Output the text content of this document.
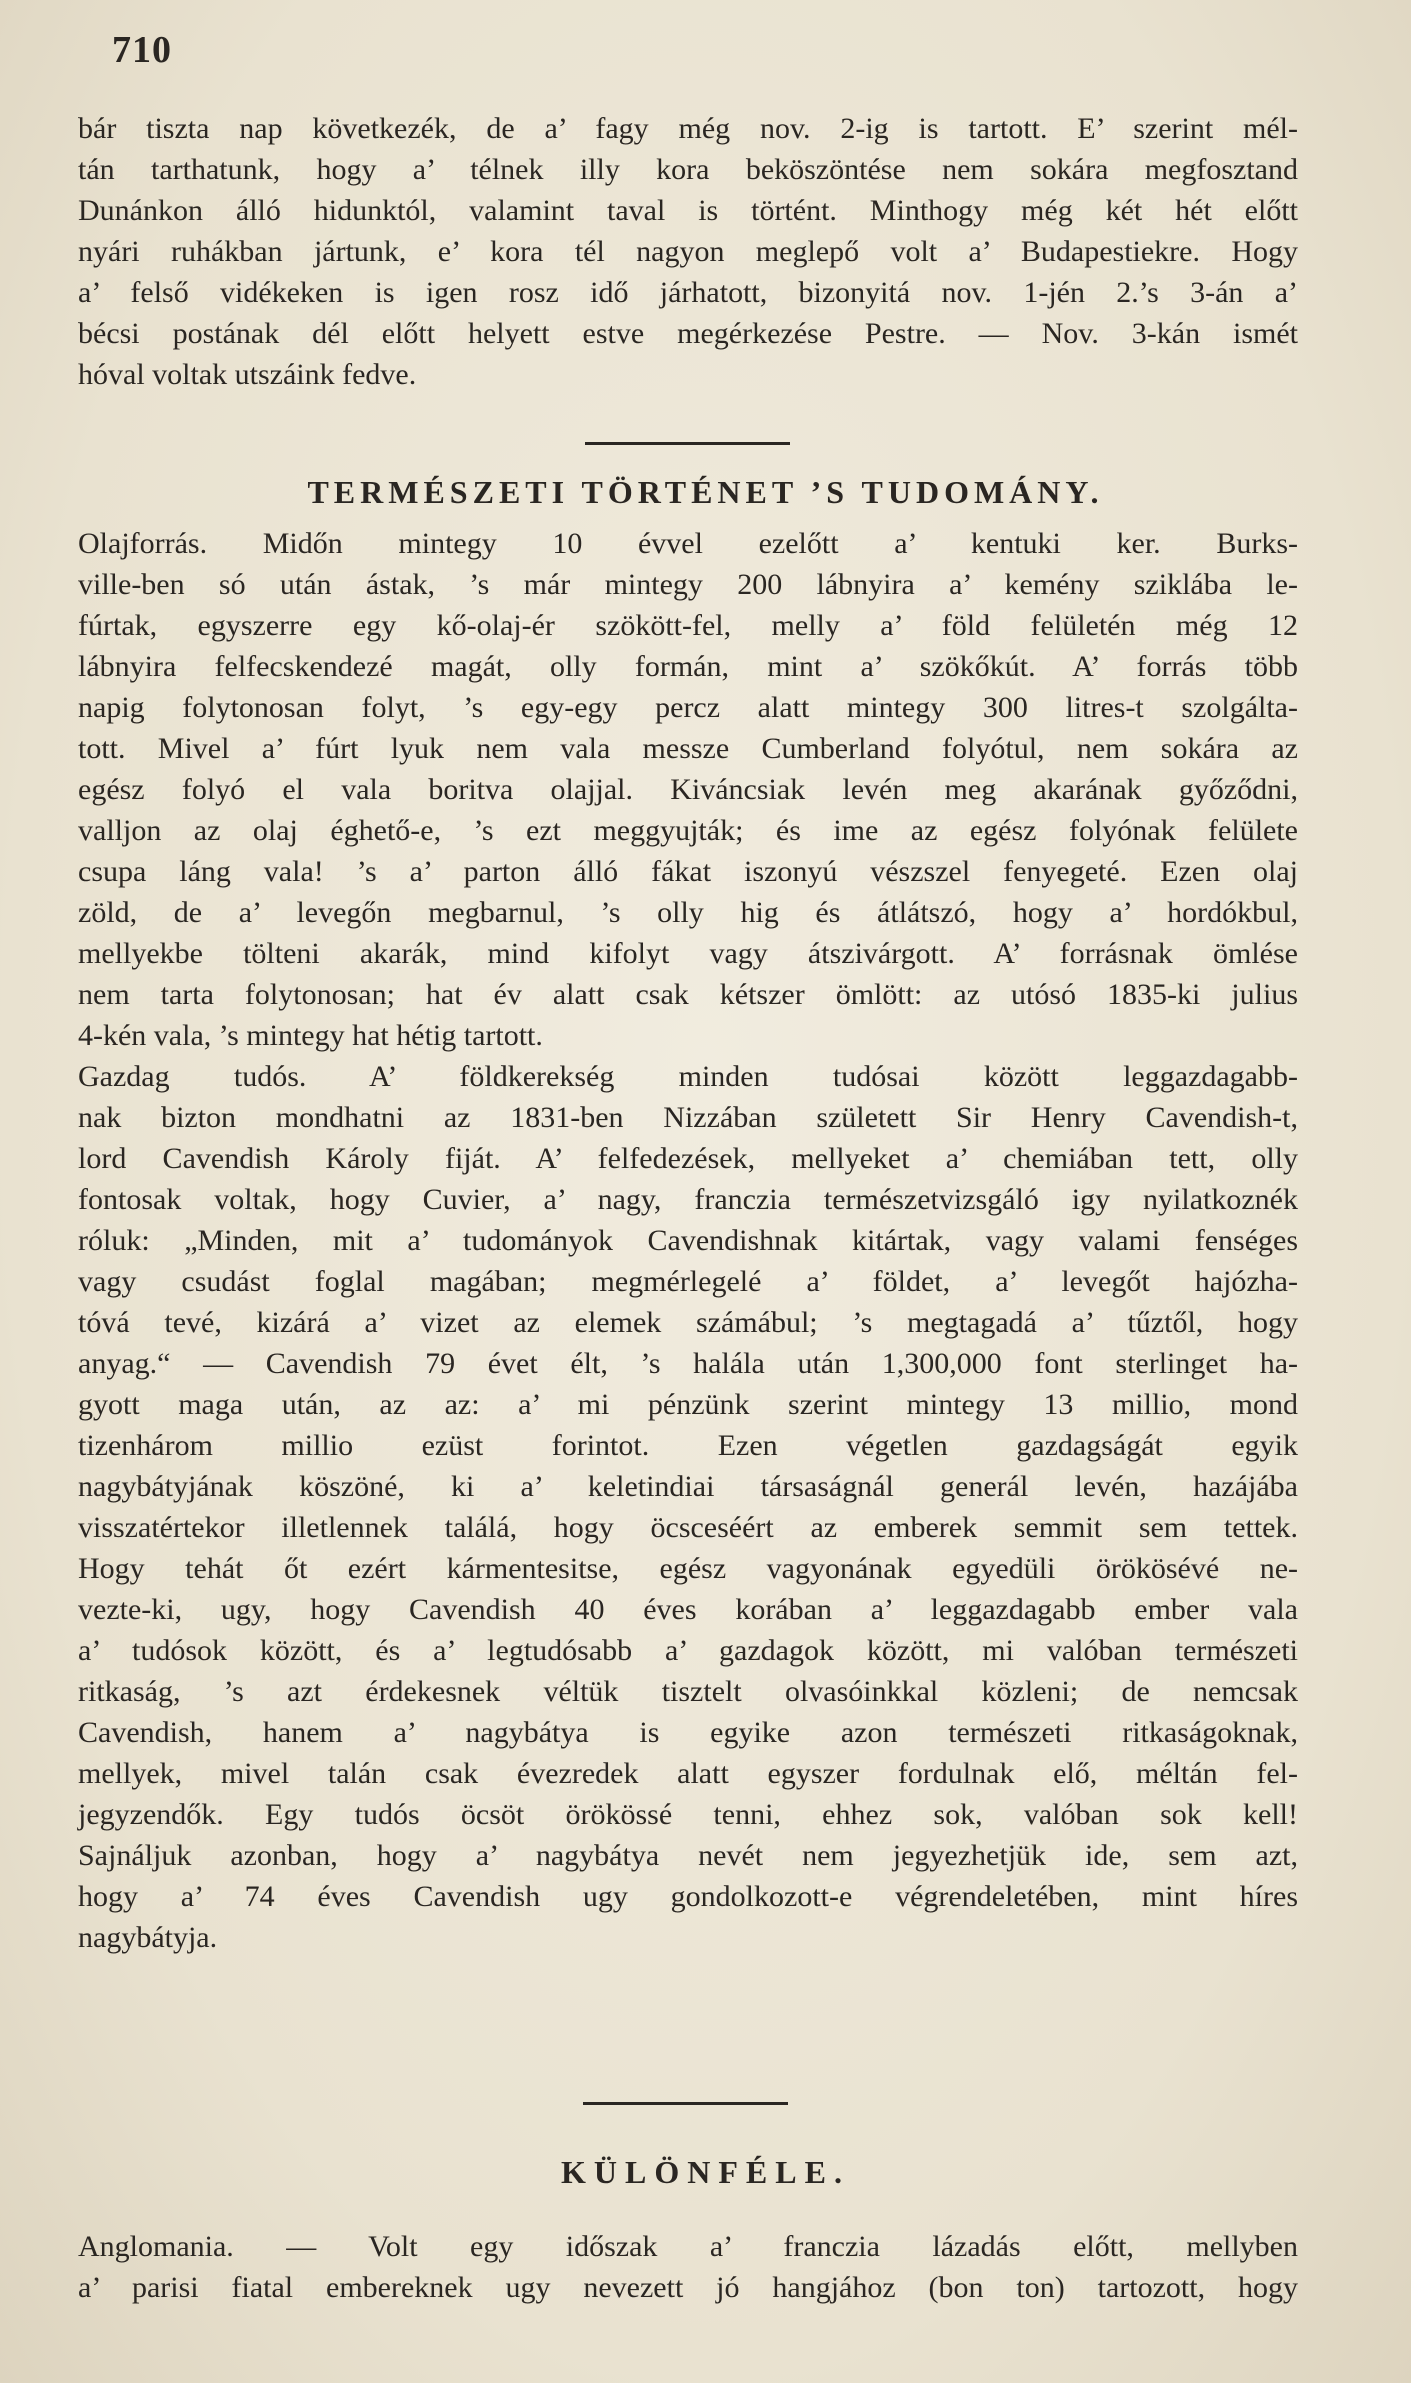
710
bár tiszta nap következék, de a’ fagy még nov. 2-ig is tartott. E’ szerint mél-
tán tarthatunk, hogy a’ télnek illy kora beköszöntése nem sokára megfosztand
Dunánkon álló hidunktól, valamint taval is történt. Minthogy még két hét előtt
nyári ruhákban jártunk, e’ kora tél nagyon meglepő volt a’ Budapestiekre. Hogy
a’ felső vidékeken is igen rosz idő járhatott, bizonyitá nov. 1-jén 2.’s 3-án a’
bécsi postának dél előtt helyett estve megérkezése Pestre. — Nov. 3-kán ismét
hóval voltak utszáink fedve.
TERMÉSZETI TÖRTÉNET ’S TUDOMÁNY.
Olajforrás. Midőn mintegy 10 évvel ezelőtt a’ kentuki ker. Burks-
ville-ben só után ástak, ’s már mintegy 200 lábnyira a’ kemény sziklába le-
fúrtak, egyszerre egy kő-olaj-ér szökött-fel, melly a’ föld felületén még 12
lábnyira felfecskendezé magát, olly formán, mint a’ szökőkút. A’ forrás több
napig folytonosan folyt, ’s egy-egy percz alatt mintegy 300 litres-t szolgálta-
tott. Mivel a’ fúrt lyuk nem vala messze Cumberland folyótul, nem sokára az
egész folyó el vala boritva olajjal. Kiváncsiak levén meg akarának győződni,
valljon az olaj éghető-e, ’s ezt meggyujták; és ime az egész folyónak felülete
csupa láng vala! ’s a’ parton álló fákat iszonyú vészszel fenyegeté. Ezen olaj
zöld, de a’ levegőn megbarnul, ’s olly hig és átlátszó, hogy a’ hordókbul,
mellyekbe tölteni akarák, mind kifolyt vagy átszivárgott. A’ forrásnak ömlése
nem tarta folytonosan; hat év alatt csak kétszer ömlött: az utósó 1835-ki julius
4-kén vala, ’s mintegy hat hétig tartott.
Gazdag tudós. A’ földkerekség minden tudósai között leggazdagabb-
nak bizton mondhatni az 1831-ben Nizzában született Sir Henry Cavendish-t,
lord Cavendish Károly fiját. A’ felfedezések, mellyeket a’ chemiában tett, olly
fontosak voltak, hogy Cuvier, a’ nagy, franczia természetvizsgáló igy nyilatkoznék
róluk: „Minden, mit a’ tudományok Cavendishnak kitártak, vagy valami fenséges
vagy csudást foglal magában; megmérlegelé a’ földet, a’ levegőt hajózha-
tóvá tevé, kizárá a’ vizet az elemek számábul; ’s megtagadá a’ tűztől, hogy
anyag.“ — Cavendish 79 évet élt, ’s halála után 1,300,000 font sterlinget ha-
gyott maga után, az az: a’ mi pénzünk szerint mintegy 13 millio, mond
tizenhárom millio ezüst forintot. Ezen végetlen gazdagságát egyik
nagybátyjának köszöné, ki a’ keletindiai társaságnál generál levén, hazájába
visszatértekor illetlennek találá, hogy öcsceséért az emberek semmit sem tettek.
Hogy tehát őt ezért kármentesitse, egész vagyonának egyedüli örökösévé ne-
vezte-ki, ugy, hogy Cavendish 40 éves korában a’ leggazdagabb ember vala
a’ tudósok között, és a’ legtudósabb a’ gazdagok között, mi valóban természeti
ritkaság, ’s azt érdekesnek véltük tisztelt olvasóinkkal közleni; de nemcsak
Cavendish, hanem a’ nagybátya is egyike azon természeti ritkaságoknak,
mellyek, mivel talán csak évezredek alatt egyszer fordulnak elő, méltán fel-
jegyzendők. Egy tudós öcsöt örökössé tenni, ehhez sok, valóban sok kell!
Sajnáljuk azonban, hogy a’ nagybátya nevét nem jegyezhetjük ide, sem azt,
hogy a’ 74 éves Cavendish ugy gondolkozott-e végrendeletében, mint híres
nagybátyja.
KÜLÖNFÉLE.
Anglomania. — Volt egy időszak a’ franczia lázadás előtt, mellyben
a’ parisi fiatal embereknek ugy nevezett jó hangjához (bon ton) tartozott, hogy
